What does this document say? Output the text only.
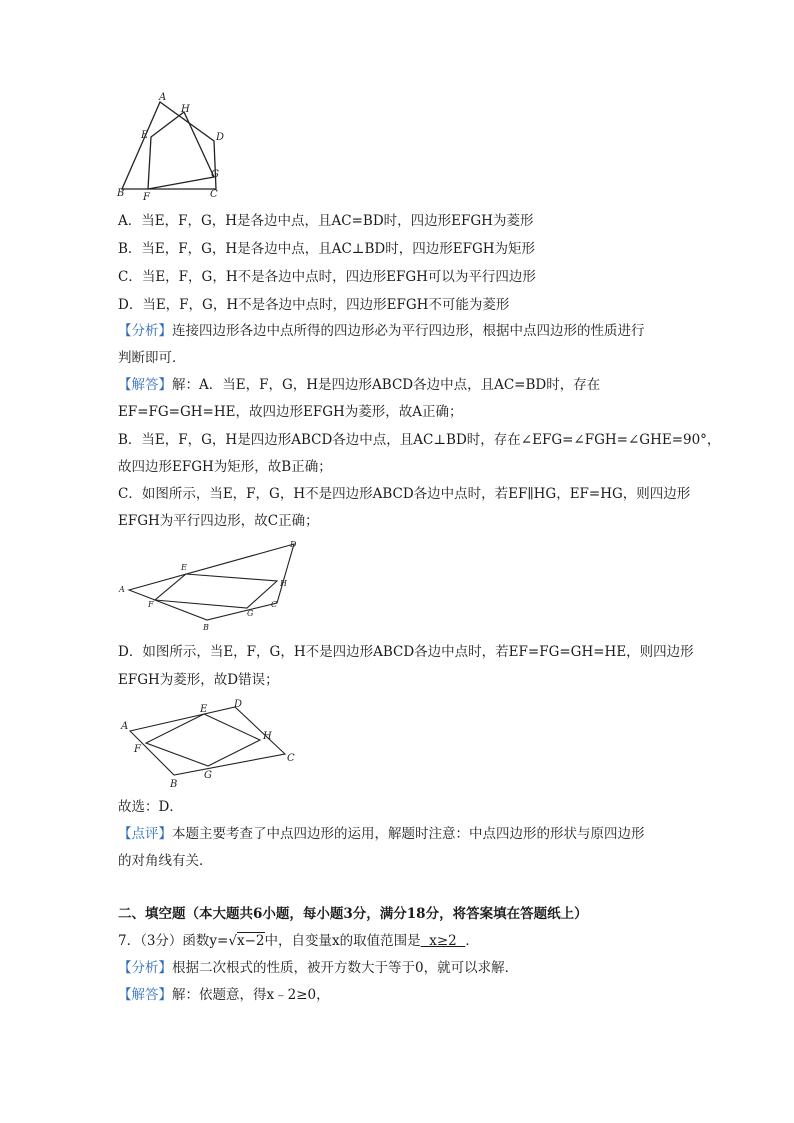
A
H
E	D
G
B F	C
A．当E，F，G，H是各边中点，且AC=BD时，四边形EFGH为菱形
B．当E，F，G，H是各边中点，且AC⊥BD时，四边形EFGH为矩形
C．当E，F，G，H不是各边中点时，四边形EFGH可以为平行四边形
D．当E，F，G，H不是各边中点时，四边形EFGH不可能为菱形
【分析】连接四边形各边中点所得的四边形必为平行四边形，根据中点四边形的性质进行
判断即可．
【解答】解：A．当E，F，G，H是四边形ABCD各边中点，且AC=BD时，存在
EF=FG=GH=HE，故四边形EFGH为菱形，故A正确；
B．当E，F，G，H是四边形ABCD各边中点，且AC⊥BD时，存在∠EFG=∠FGH=∠GHE=90°，
故四边形EFGH为矩形，故B正确；
C．如图所示，当E，F，G，H不是四边形ABCD各边中点时，若EF∥HG，EF=HG，则四边形
EFGH为平行四边形，故C正确；
A
E
D
H
F
G
C
B
D．如图所示，当E，F，G，H不是四边形ABCD各边中点时，若EF=FG=GH=HE，则四边形
EFGH为菱形，故D错误；
A
E	D
F
H
C
G
B
故选：D．
【点评】本题主要考查了中点四边形的运用，解题时注意：中点四边形的形状与原四边形
的对角线有关．
二、填空题（本大题共6小题，每小题3分，满分18分，将答案填在答题纸上）
7．（3分）函数y=√x−2中，自变量x的取值范围是  x≥2  ．
【分析】根据二次根式的性质，被开方数大于等于0，就可以求解．
【解答】解：依题意，得x﹣2≥0，
